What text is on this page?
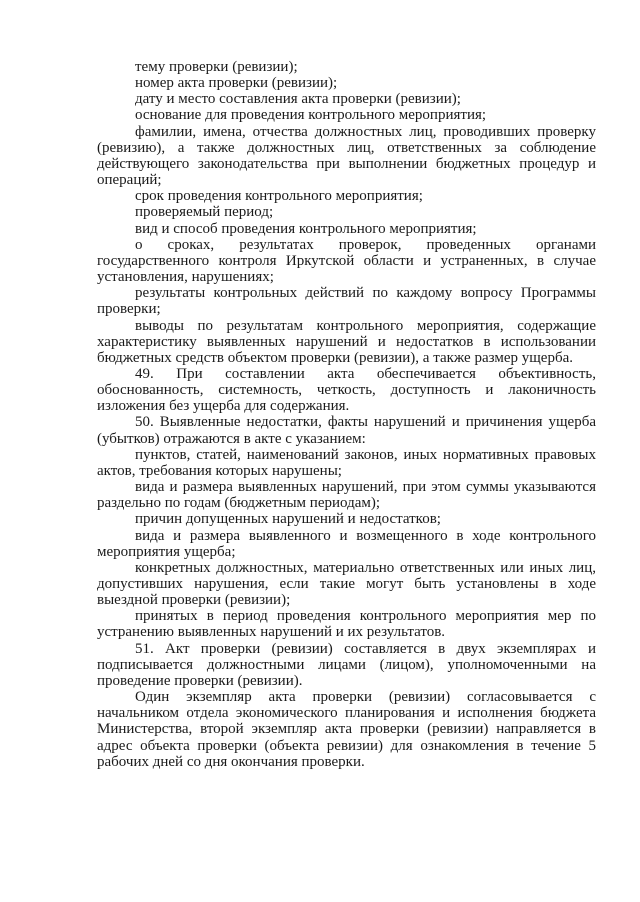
тему проверки (ревизии);

номер акта проверки (ревизии);

дату и место составления акта проверки (ревизии);

основание для проведения контрольного мероприятия;

фамилии, имена, отчества должностных лиц, проводивших проверку (ревизию), а также должностных лиц, ответственных за соблюдение действующего законодательства при выполнении бюджетных процедур и операций;

срок проведения контрольного мероприятия;

проверяемый период;

вид и способ проведения контрольного мероприятия;

о сроках, результатах проверок, проведенных органами государственного контроля Иркутской области и устраненных, в случае установления, нарушениях;

результаты контрольных действий по каждому вопросу Программы проверки;

выводы по результатам контрольного мероприятия, содержащие характеристику выявленных нарушений и недостатков в использовании бюджетных средств объектом проверки (ревизии), а также размер ущерба.

49. При составлении акта обеспечивается объективность, обоснованность, системность, четкость, доступность и лаконичность изложения без ущерба для содержания.

50. Выявленные недостатки, факты нарушений и причинения ущерба (убытков) отражаются в акте с указанием:

пунктов, статей, наименований законов, иных нормативных правовых актов, требования которых нарушены;

вида и размера выявленных нарушений, при этом суммы указываются раздельно по годам (бюджетным периодам);

причин допущенных нарушений и недостатков;

вида и размера выявленного и возмещенного в ходе контрольного мероприятия ущерба;

конкретных должностных, материально ответственных или иных лиц, допустивших нарушения, если такие могут быть установлены в ходе выездной проверки (ревизии);

принятых в период проведения контрольного мероприятия мер по устранению выявленных нарушений и их результатов.

51. Акт проверки (ревизии) составляется в двух экземплярах и подписывается должностными лицами (лицом), уполномоченными на проведение проверки (ревизии).

Один экземпляр акта проверки (ревизии) согласовывается с начальником отдела экономического планирования и исполнения бюджета Министерства, второй экземпляр акта проверки (ревизии) направляется в адрес объекта проверки (объекта ревизии) для ознакомления в течение 5 рабочих дней со дня окончания проверки.
